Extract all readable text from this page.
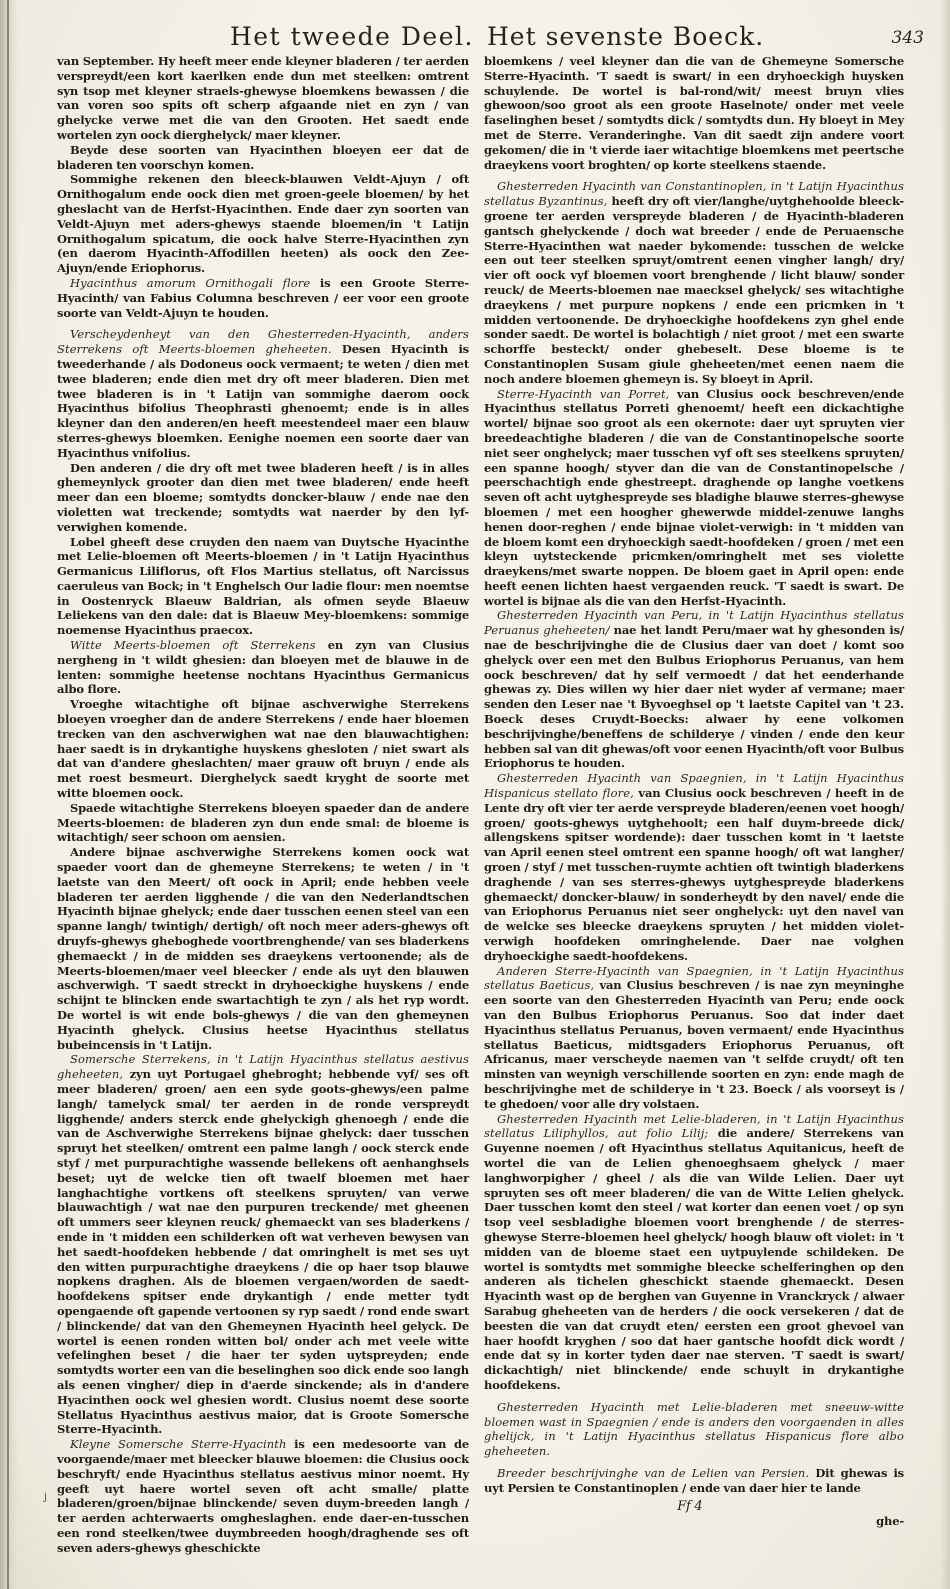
Het tweede Deel. Het sevenste Boeck.	343

van September. Hy heeft meer ende kleyner bladeren / ter aerden verspreydt/een kort kaerlken ende dun met steelken: omtrent syn tsop met kleyner straels-ghewyse bloemkens bewassen / die van voren soo spits oft scherp afgaande niet en zyn / van ghelycke verwe met die van den Grooten. Het saedt ende wortelen zyn oock dierghelyck/ maer kleyner.

Beyde dese soorten van Hyacinthen bloeyen eer dat de bladeren ten voorschyn komen.

Sommighe rekenen den bleeck-blauwen Veldt-Ajuyn / oft Ornithogalum ende oock dien met groen-geele bloemen/ by het gheslacht van de Herfst-Hyacinthen. Ende daer zyn soorten van Veldt-Ajuyn met aders-ghewys staende bloemen/in 't Latijn Ornithogalum spicatum, die oock halve Sterre-Hyacinthen zyn (en daerom Hyacinth-Affodillen heeten) als oock den Zee-Ajuyn/ende Eriophorus.

Hyacinthus amorum Ornithogali flore is een Groote Sterre-Hyacinth/ van Fabius Columna beschreven / eer voor een groote soorte van Veldt-Ajuyn te houden.

Verscheydenheyt van den Ghesterreden-Hyacinth, anders Sterrekens oft Meerts-bloemen gheheeten. Desen Hyacinth is tweederhande / als Dodoneus oock vermaent; te weten / dien met twee bladeren; ende dien met dry oft meer bladeren. Dien met twee bladeren is in 't Latijn van sommighe daerom oock Hyacinthus bifolius Theophrasti ghenoemt; ende is in alles kleyner dan den anderen/en heeft meestendeel maer een blauw sterres-ghewys bloemken. Eenighe noemen een soorte daer van Hyacinthus vnifolius.

Den anderen / die dry oft met twee bladeren heeft / is in alles ghemeynlyck grooter dan dien met twee bladeren/ ende heeft meer dan een bloeme; somtydts doncker-blauw / ende nae den violetten wat treckende; somtydts wat naerder by den lyf-verwighen komende.

Lobel gheeft dese cruyden den naem van Duytsche Hyacinthe met Lelie-bloemen oft Meerts-bloemen / in 't Latijn Hyacinthus Germanicus Liliflorus, oft Flos Martius stellatus, oft Narcissus caeruleus van Bock; in 't Enghelsch Our ladie flour: men noemtse in Oostenryck Blaeuw Baldrian, als ofmen seyde Blaeuw Leliekens van den dale: dat is Blaeuw Mey-bloemkens: sommige noemense Hyacinthus praecox.

Witte Meerts-bloemen oft Sterrekens en zyn van Clusius nergheng in 't wildt ghesien: dan bloeyen met de blauwe in de lenten: sommighe heetense nochtans Hyacinthus Germanicus albo flore.

Vroeghe witachtighe oft bijnae aschverwighe Sterrekens bloeyen vroegher dan de andere Sterrekens / ende haer bloemen trecken van den aschverwighen wat nae den blauwachtighen: haer saedt is in drykantighe huyskens ghesloten / niet swart als dat van d'andere gheslachten/ maer grauw oft bruyn / ende als met roest besmeurt. Dierghelyck saedt kryght de soorte met witte bloemen oock.

Spaede witachtighe Sterrekens bloeyen spaeder dan de andere Meerts-bloemen: de bladeren zyn dun ende smal: de bloeme is witachtigh/ seer schoon om aensien.

Andere bijnae aschverwighe Sterrekens komen oock wat spaeder voort dan de ghemeyne Sterrekens; te weten / in 't laetste van den Meert/ oft oock in April; ende hebben veele bladeren ter aerden ligghende / die van den Nederlandtschen Hyacinth bijnae ghelyck; ende daer tusschen eenen steel van een spanne langh/ twintigh/ dertigh/ oft noch meer aders-ghewys oft druyfs-ghewys gheboghede voortbrenghende/ van ses bladerkens ghemaeckt / in de midden ses draeykens vertoonende; als de Meerts-bloemen/maer veel bleecker / ende als uyt den blauwen aschverwigh. 'T saedt streckt in dryhoeckighe huyskens / ende schijnt te blincken ende swartachtigh te zyn / als het ryp wordt. De wortel is wit ende bols-ghewys / die van den ghemeynen Hyacinth ghelyck. Clusius heetse Hyacinthus stellatus bubeincensis in 't Latijn.

Somersche Sterrekens, in 't Latijn Hyacinthus stellatus aestivus gheheeten, zyn uyt Portugael ghebroght; hebbende vyf/ ses oft meer bladeren/ groen/ aen een syde goots-ghewys/een palme langh/ tamelyck smal/ ter aerden in de ronde verspreydt ligghende/ anders sterck ende ghelyckigh ghenoegh / ende die van de Aschverwighe Sterrekens bijnae ghelyck: daer tusschen spruyt het steelken/ omtrent een palme langh / oock sterck ende styf / met purpurachtighe wassende bellekens oft aenhanghsels beset; uyt de welcke tien oft twaelf bloemen met haer langhachtighe vortkens oft steelkens spruyten/ van verwe blauwachtigh / wat nae den purpuren treckende/ met gheenen oft ummers seer kleynen reuck/ ghemaeckt van ses bladerkens / ende in 't midden een schilderken oft wat verheven bewysen van het saedt-hoofdeken hebbende / dat omringhelt is met ses uyt den witten purpurachtighe draeykens / die op haer tsop blauwe nopkens draghen. Als de bloemen vergaen/worden de saedt-hoofdekens spitser ende drykantigh / ende metter tydt opengaende oft gapende vertoonen sy ryp saedt / rond ende swart / blinckende/ dat van den Ghemeynen Hyacinth heel gelyck. De wortel is eenen ronden witten bol/ onder ach met veele witte vefelinghen beset / die haer ter syden uytspreyden; ende somtydts worter een van die beselinghen soo dick ende soo langh als eenen vingher/ diep in d'aerde sinckende; als in d'andere Hyacinthen oock wel ghesien wordt. Clusius noemt dese soorte Stellatus Hyacinthus aestivus maior, dat is Groote Somersche Sterre-Hyacinth.

Kleyne Somersche Sterre-Hyacinth is een medesoorte van de voorgaende/maer met bleecker blauwe bloemen: die Clusius oock beschryft/ ende Hyacinthus stellatus aestivus minor noemt. Hy geeft uyt haere wortel seven oft acht smalle/ platte bladeren/groen/bijnae blinckende/ seven duym-breeden langh / ter aerden achterwaerts omgheslaghen. ende daer-en-tusschen een rond steelken/twee duymbreeden hoogh/draghende ses oft seven aders-ghewys gheschickte

bloemkens / veel kleyner dan die van de Ghemeyne Somersche Sterre-Hyacinth. 'T saedt is swart/ in een dryhoeckigh huysken schuylende. De wortel is bal-rond/wit/ meest bruyn vlies ghewoon/soo groot als een groote Haselnote/ onder met veele faselinghen beset / somtydts dick / somtydts dun. Hy bloeyt in Mey met de Sterre. Veranderinghe. Van dit saedt zijn andere voort gekomen/ die in 't vierde iaer witachtige bloemkens met peertsche draeykens voort broghten/ op korte steelkens staende.

Ghesterreden Hyacinth van Constantinoplen, in 't Latijn Hyacinthus stellatus Byzantinus, heeft dry oft vier/langhe/uytghehoolde bleeck-groene ter aerden verspreyde bladeren / de Hyacinth-bladeren gantsch ghelyckende / doch wat breeder / ende de Peruaensche Sterre-Hyacinthen wat naeder bykomende: tusschen de welcke een out teer steelken spruyt/omtrent eenen vingher langh/ dry/ vier oft oock vyf bloemen voort brenghende / licht blauw/ sonder reuck/ de Meerts-bloemen nae maecksel ghelyck/ ses witachtighe draeykens / met purpure nopkens / ende een pricmken in 't midden vertoonende. De dryhoeckighe hoofdekens zyn ghel ende sonder saedt. De wortel is bolachtigh / niet groot / met een swarte schorffe besteckt/ onder ghebeselt. Dese bloeme is te Constantinoplen Susam giule gheheeten/met eenen naem die noch andere bloemen ghemeyn is. Sy bloeyt in April.

Sterre-Hyacinth van Porret, van Clusius oock beschreven/ende Hyacinthus stellatus Porreti ghenoemt/ heeft een dickachtighe wortel/ bijnae soo groot als een okernote: daer uyt spruyten vier breedeachtighe bladeren / die van de Constantinopelsche soorte niet seer onghelyck; maer tusschen vyf oft ses steelkens spruyten/ een spanne hoogh/ styver dan die van de Constantinopelsche / peerschachtigh ende ghestreept. draghende op langhe voetkens seven oft acht uytghespreyde ses bladighe blauwe sterres-ghewyse bloemen / met een hoogher ghewerwde middel-zenuwe langhs henen door-reghen / ende bijnae violet-verwigh: in 't midden van de bloem komt een dryhoeckigh saedt-hoofdeken / groen / met een kleyn uytsteckende pricmken/omringhelt met ses violette draeykens/met swarte noppen. De bloem gaet in April open: ende heeft eenen lichten haest vergaenden reuck. 'T saedt is swart. De wortel is bijnae als die van den Herfst-Hyacinth.

Ghesterreden Hyacinth van Peru, in 't Latijn Hyacinthus stellatus Peruanus gheheeten/ nae het landt Peru/maer wat hy ghesonden is/ nae de beschrijvinghe die de Clusius daer van doet / komt soo ghelyck over een met den Bulbus Eriophorus Peruanus, van hem oock beschreven/ dat hy self vermoedt / dat het eenderhande ghewas zy. Dies willen wy hier daer niet wyder af vermane; maer senden den Leser nae 't Byvoeghsel op 't laetste Capitel van 't 23. Boeck deses Cruydt-Boecks: alwaer hy eene volkomen beschrijvinghe/beneffens de schilderye / vinden / ende den keur hebben sal van dit ghewas/oft voor eenen Hyacinth/oft voor Bulbus Eriophorus te houden.

Ghesterreden Hyacinth van Spaegnien, in 't Latijn Hyacinthus Hispanicus stellato flore, van Clusius oock beschreven / heeft in de Lente dry oft vier ter aerde verspreyde bladeren/eenen voet hoogh/ groen/ goots-ghewys uytghehoolt; een half duym-breede dick/ allengskens spitser wordende): daer tusschen komt in 't laetste van April eenen steel omtrent een spanne hoogh/ oft wat langher/ groen / styf / met tusschen-ruymte achtien oft twintigh bladerkens draghende / van ses sterres-ghewys uytghespreyde bladerkens ghemaeckt/ doncker-blauw/ in sonderheydt by den navel/ ende die van Eriophorus Peruanus niet seer onghelyck: uyt den navel van de welcke ses bleecke draeykens spruyten / het midden violet-verwigh hoofdeken omringhelende. Daer nae volghen dryhoeckighe saedt-hoofdekens.

Anderen Sterre-Hyacinth van Spaegnien, in 't Latijn Hyacinthus stellatus Baeticus, van Clusius beschreven / is nae zyn meyninghe een soorte van den Ghesterreden Hyacinth van Peru; ende oock van den Bulbus Eriophorus Peruanus. Soo dat inder daet Hyacinthus stellatus Peruanus, boven vermaent/ ende Hyacinthus stellatus Baeticus, midtsgaders Eriophorus Peruanus, oft Africanus, maer verscheyde naemen van 't selfde cruydt/ oft ten minsten van weynigh verschillende soorten en zyn: ende magh de beschrijvinghe met de schilderye in 't 23. Boeck / als voorseyt is / te ghedoen/ voor alle dry volstaen.

Ghesterreden Hyacinth met Lelie-bladeren, in 't Latijn Hyacinthus stellatus Liliphyllos, aut folio Lilij; die andere/ Sterrekens van Guyenne noemen / oft Hyacinthus stellatus Aquitanicus, heeft de wortel die van de Lelien ghenoeghsaem ghelyck / maer langhworpigher / gheel / als die van Wilde Lelien. Daer uyt spruyten ses oft meer bladeren/ die van de Witte Lelien ghelyck. Daer tusschen komt den steel / wat korter dan eenen voet / op syn tsop veel sesbladighe bloemen voort brenghende / de sterres-ghewyse Sterre-bloemen heel ghelyck/ hoogh blauw oft violet: in 't midden van de bloeme staet een uytpuylende schildeken. De wortel is somtydts met sommighe bleecke schelferinghen op den anderen als tichelen gheschickt staende ghemaeckt. Desen Hyacinth wast op de berghen van Guyenne in Vranckryck / alwaer Sarabug gheheeten van de herders / die oock versekeren / dat de beesten die van dat cruydt eten/ eersten een groot ghevoel van haer hoofdt kryghen / soo dat haer gantsche hoofdt dick wordt / ende dat sy in korter tyden daer nae sterven. 'T saedt is swart/ dickachtigh/ niet blinckende/ ende schuylt in drykantighe hoofdekens.

Ghesterreden Hyacinth met Lelie-bladeren met sneeuw-witte bloemen wast in Spaegnien / ende is anders den voorgaenden in alles ghelijck, in 't Latijn Hyacinthus stellatus Hispanicus flore albo gheheeten.

Breeder beschrijvinghe van de Lelien van Persien. Dit ghewas is uyt Persien te Constantinoplen / ende van daer hier te lande

Ff 4

ghe-

j
